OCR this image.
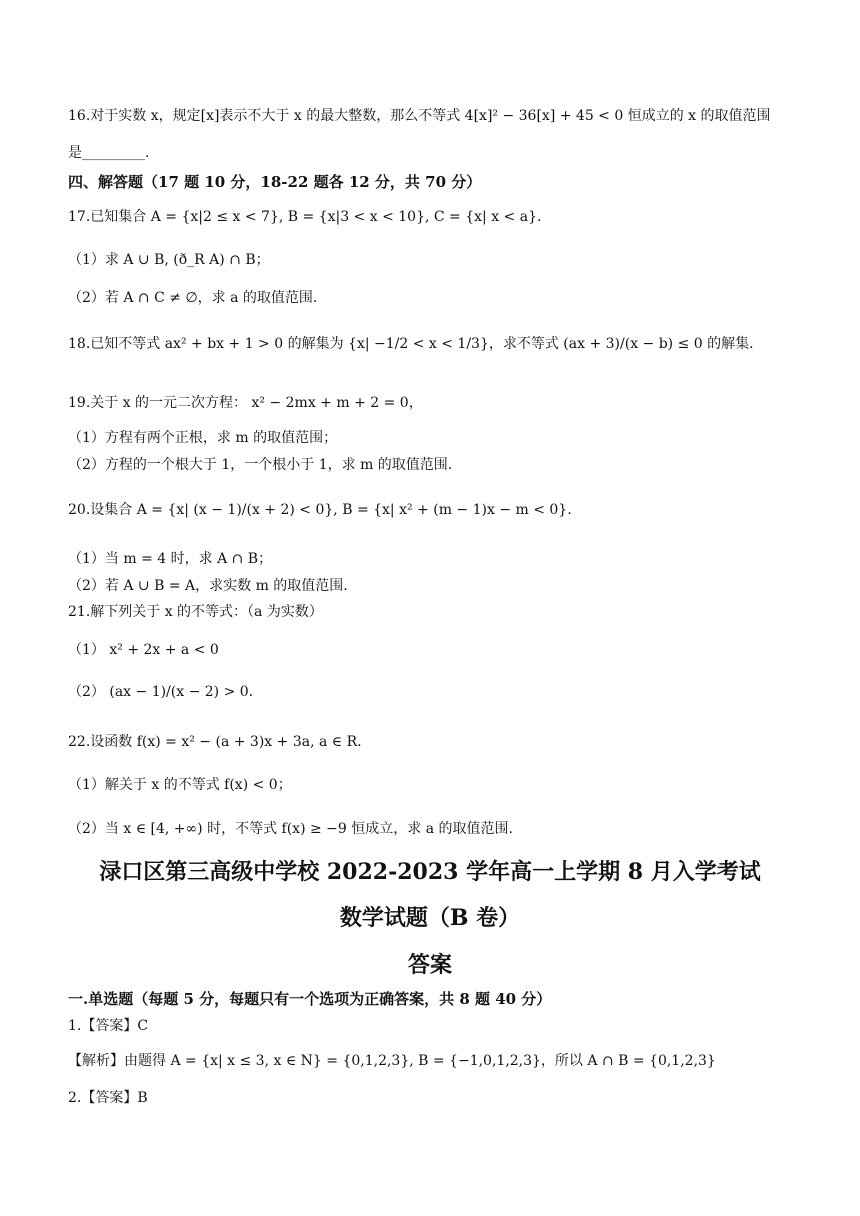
16.对于实数 x，规定[x]表示不大于 x 的最大整数，那么不等式 4[x]² − 36[x] + 45 < 0 恒成立的 x 的取值范围
是_________.
四、解答题（17 题 10 分，18-22 题各 12 分，共 70 分）
17.已知集合 A = {x|2 ≤ x < 7}, B = {x|3 < x < 10}, C = {x| x < a}.
（1）求 A ∪ B, (ð_R A) ∩ B；
（2）若 A ∩ C ≠ ∅，求 a 的取值范围.
18.已知不等式 ax² + bx + 1 > 0 的解集为 {x| −1/2 < x < 1/3}，求不等式 (ax + 3)/(x − b) ≤ 0 的解集.
19.关于 x 的一元二次方程： x² − 2mx + m + 2 = 0，
（1）方程有两个正根，求 m 的取值范围；
（2）方程的一个根大于 1，一个根小于 1，求 m 的取值范围.
20.设集合 A = {x| (x − 1)/(x + 2) < 0}, B = {x| x² + (m − 1)x − m < 0}.
（1）当 m = 4 时，求 A ∩ B；
（2）若 A ∪ B = A，求实数 m 的取值范围.
21.解下列关于 x 的不等式：（a 为实数）
（1） x² + 2x + a < 0
（2） (ax − 1)/(x − 2) > 0.
22.设函数 f(x) = x² − (a + 3)x + 3a, a ∈ R.
（1）解关于 x 的不等式 f(x) < 0；
（2）当 x ∈ [4, +∞) 时，不等式 f(x) ≥ −9 恒成立，求 a 的取值范围.
渌口区第三高级中学校 2022-2023 学年高一上学期 8 月入学考试
数学试题（B 卷）
答案
一.单选题（每题 5 分，每题只有一个选项为正确答案，共 8 题 40 分）
1.【答案】C
【解析】由题得 A = {x| x ≤ 3, x ∈ N} = {0,1,2,3}, B = {−1,0,1,2,3}，所以 A ∩ B = {0,1,2,3}
2.【答案】B
